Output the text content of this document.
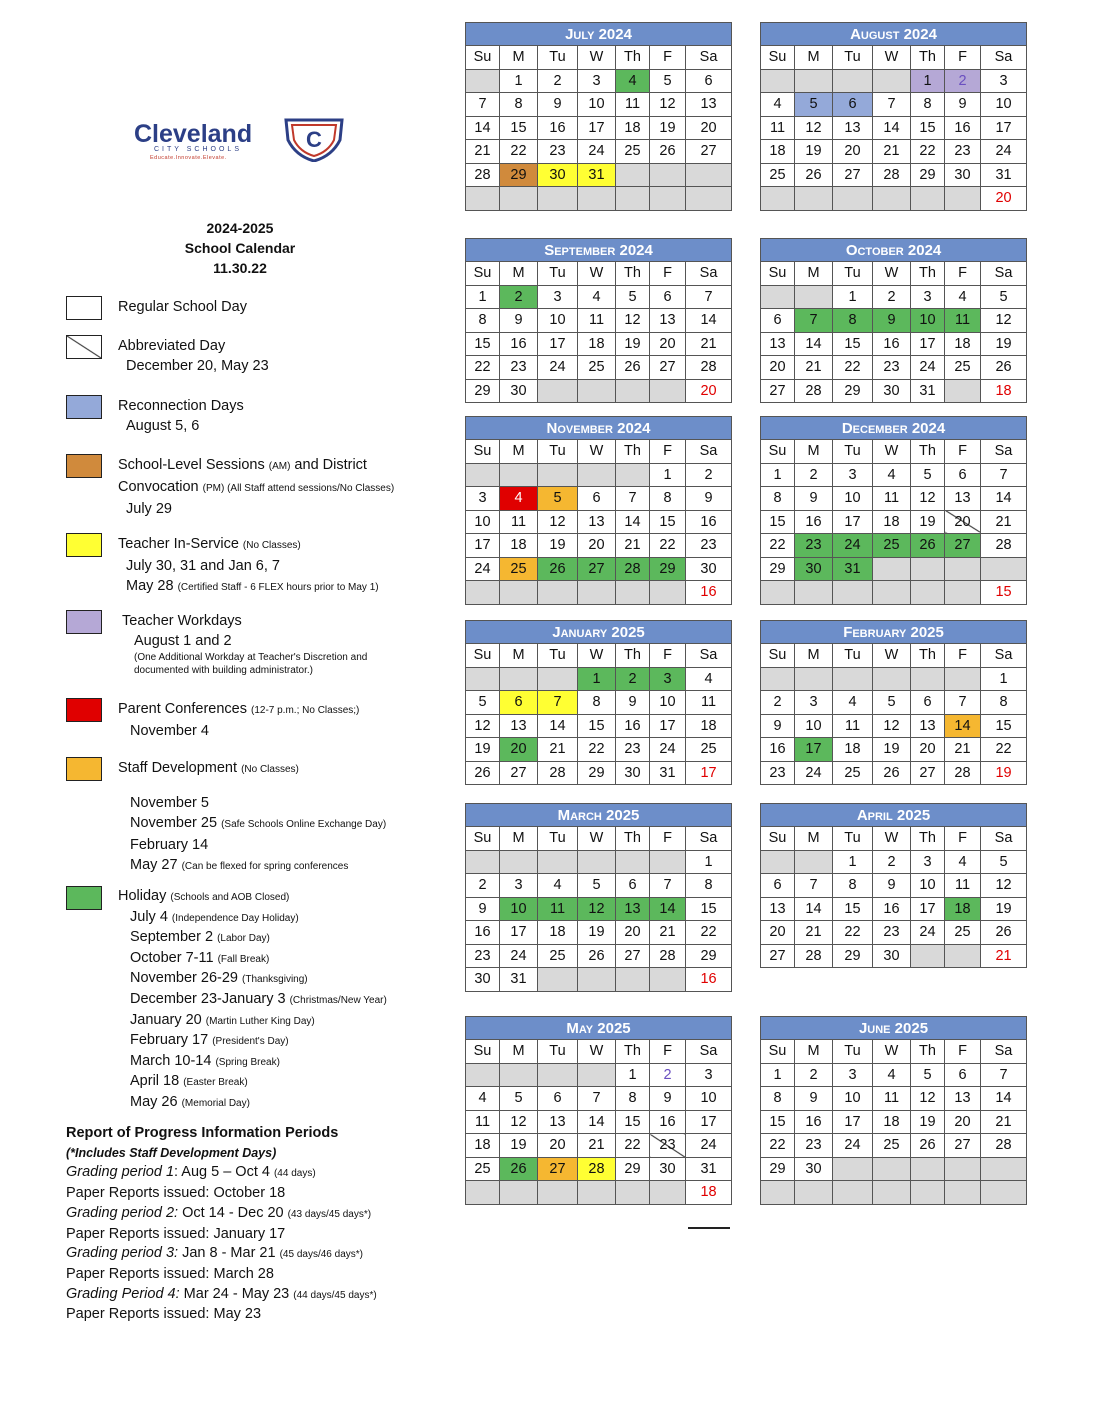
Cleveland
CITY SCHOOLS
Educate.Innovate.Elevate.
C
2024-2025
School Calendar
11.30.22
Regular School Day
Abbreviated Day
December 20, May 23
Reconnection Days
August 5, 6
School-Level Sessions (AM) and District
Convocation (PM) (All Staff attend sessions/No Classes)
July 29
Teacher In-Service (No Classes)
July 30, 31 and Jan 6, 7
May 28 (Certified Staff - 6 FLEX hours prior to May 1)
Teacher Workdays
August 1 and 2
(One Additional Workday at Teacher's Discretion and
documented with building administrator.)
Parent Conferences (12-7 p.m.; No Classes;)
November 4
Staff Development (No Classes)
November 5
November 25 (Safe Schools Online Exchange Day)
February 14
May 27 (Can be flexed for spring conferences
Holiday (Schools and AOB Closed)
July 4 (Independence Day Holiday)
September 2 (Labor Day)
October 7-11 (Fall Break)
November 26-29 (Thanksgiving)
December 23-January 3 (Christmas/New Year)
January 20 (Martin Luther King Day)
February 17 (President's Day)
March 10-14 (Spring Break)
April 18 (Easter Break)
May 26 (Memorial Day)
Report of Progress Information Periods
(*Includes Staff Development Days)
Grading period 1: Aug 5 – Oct 4 (44 days)
Paper Reports issued: October 18
Grading period 2: Oct 14 - Dec 20 (43 days/45 days*)
Paper Reports issued: January 17
Grading period 3: Jan 8 - Mar 21 (45 days/46 days*)
Paper Reports issued: March 28
Grading Period 4: Mar 24 - May 23 (44 days/45 days*)
Paper Reports issued: May 23
July 2024						
Su	M	Tu	W	Th	F	Sa
	1	2	3	4	5	6
7	8	9	10	11	12	13
14	15	16	17	18	19	20
21	22	23	24	25	26	27
28	29	30	31			

August 2024						
Su	M	Tu	W	Th	F	Sa
				1	2	3
4	5	6	7	8	9	10
11	12	13	14	15	16	17
18	19	20	21	22	23	24
25	26	27	28	29	30	31
						20
September 2024						
Su	M	Tu	W	Th	F	Sa
1	2	3	4	5	6	7
8	9	10	11	12	13	14
15	16	17	18	19	20	21
22	23	24	25	26	27	28
29	30					20
October 2024						
Su	M	Tu	W	Th	F	Sa
		1	2	3	4	5
6	7	8	9	10	11	12
13	14	15	16	17	18	19
20	21	22	23	24	25	26
27	28	29	30	31		18
November 2024						
Su	M	Tu	W	Th	F	Sa
					1	2
3	4	5	6	7	8	9
10	11	12	13	14	15	16
17	18	19	20	21	22	23
24	25	26	27	28	29	30
						16
December 2024						
Su	M	Tu	W	Th	F	Sa
1	2	3	4	5	6	7
8	9	10	11	12	13	14
15	16	17	18	19	20	21
22	23	24	25	26	27	28
29	30	31				
						15
January 2025						
Su	M	Tu	W	Th	F	Sa
			1	2	3	4
5	6	7	8	9	10	11
12	13	14	15	16	17	18
19	20	21	22	23	24	25
26	27	28	29	30	31	17
February 2025						
Su	M	Tu	W	Th	F	Sa
						1
2	3	4	5	6	7	8
9	10	11	12	13	14	15
16	17	18	19	20	21	22
23	24	25	26	27	28	19
March 2025						
Su	M	Tu	W	Th	F	Sa
						1
2	3	4	5	6	7	8
9	10	11	12	13	14	15
16	17	18	19	20	21	22
23	24	25	26	27	28	29
30	31					16
April 2025						
Su	M	Tu	W	Th	F	Sa
		1	2	3	4	5
6	7	8	9	10	11	12
13	14	15	16	17	18	19
20	21	22	23	24	25	26
27	28	29	30			21
May 2025						
Su	M	Tu	W	Th	F	Sa
				1	2	3
4	5	6	7	8	9	10
11	12	13	14	15	16	17
18	19	20	21	22	23	24
25	26	27	28	29	30	31
						18
June 2025						
Su	M	Tu	W	Th	F	Sa
1	2	3	4	5	6	7
8	9	10	11	12	13	14
15	16	17	18	19	20	21
22	23	24	25	26	27	28
29	30					
